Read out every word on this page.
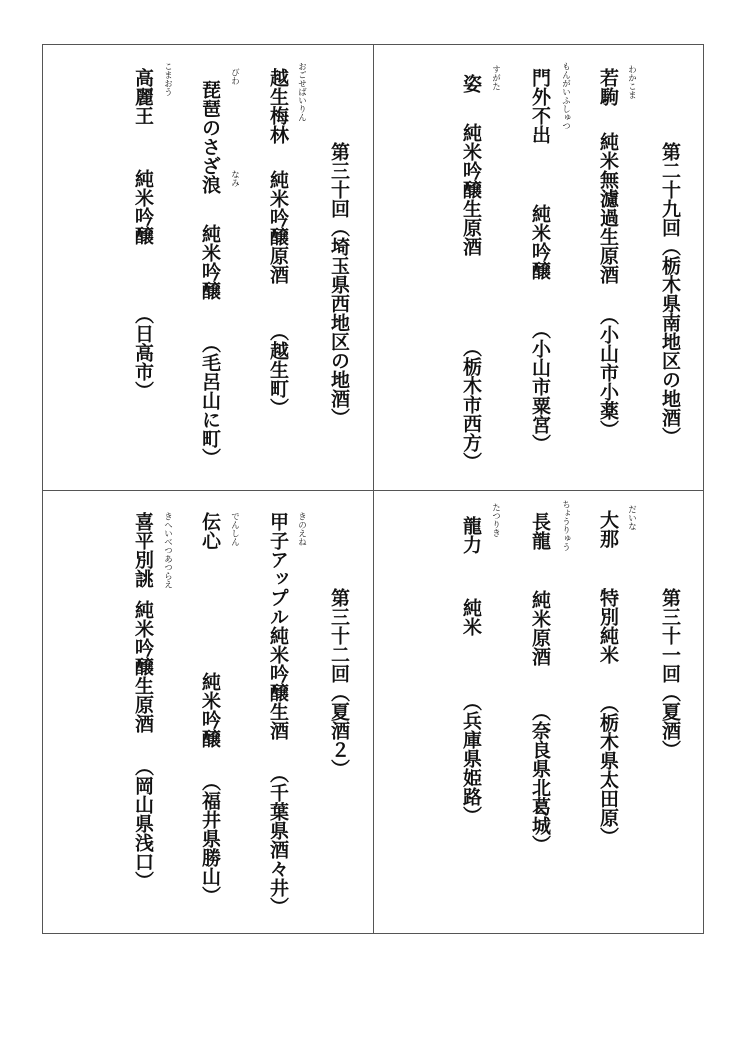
第二十九回（栃木県南地区の地酒）
わかこま
若駒純米無濾過生原酒（小山市小薬）
もんがいふしゅつ
門外不出純米吟醸（小山市粟宮）
すがた
姿純米吟醸生原酒（栃木市西方）
第三十回（埼玉県西地区の地酒）
おごせばいりん
越生梅林純米吟醸原酒（越生町）
びわ
なみ
琵琶のさざ浪純米吟醸（毛呂山に町）
こまおう
高麗王純米吟醸（日高市）
第三十一回（夏酒）
だいな
大那特別純米（栃木県太田原）
ちょうりゅう
長龍純米原酒（奈良県北葛城）
たつりき
龍力純米（兵庫県姫路）
第三十二回（夏酒２）
きのえね
甲子アップル純米吟醸生酒（千葉県酒々井）
でんしん
伝心純米吟醸（福井県勝山）
きへいべつあつらえ
喜平別誂純米吟醸生原酒（岡山県浅口）
